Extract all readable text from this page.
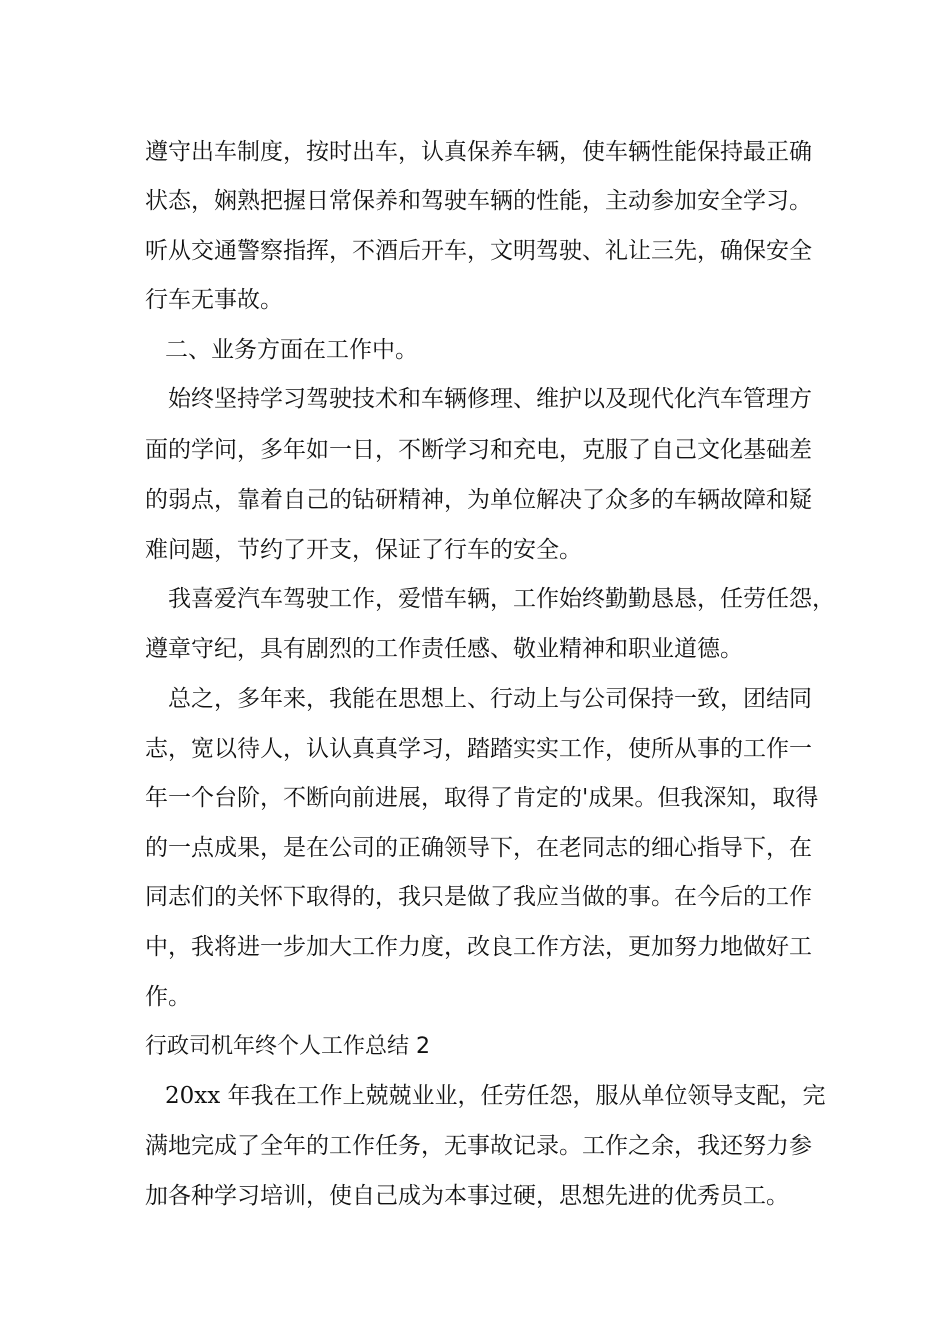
遵守出车制度，按时出车，认真保养车辆，使车辆性能保持最正确
状态，娴熟把握日常保养和驾驶车辆的性能，主动参加安全学习。
听从交通警察指挥，不酒后开车，文明驾驶、礼让三先，确保安全
行车无事故。
二、业务方面在工作中。
始终坚持学习驾驶技术和车辆修理、维护以及现代化汽车管理方
面的学问，多年如一日，不断学习和充电，克服了自己文化基础差
的弱点，靠着自己的钻研精神，为单位解决了众多的车辆故障和疑
难问题，节约了开支，保证了行车的安全。
我喜爱汽车驾驶工作，爱惜车辆，工作始终勤勤恳恳，任劳任怨，
遵章守纪，具有剧烈的工作责任感、敬业精神和职业道德。
总之，多年来，我能在思想上、行动上与公司保持一致，团结同
志，宽以待人，认认真真学习，踏踏实实工作，使所从事的工作一
年一个台阶，不断向前进展，取得了肯定的'成果。但我深知，取得
的一点成果，是在公司的正确领导下，在老同志的细心指导下，在
同志们的关怀下取得的，我只是做了我应当做的事。在今后的工作
中，我将进一步加大工作力度，改良工作方法，更加努力地做好工
作。
行政司机年终个人工作总结 2
20xx 年我在工作上兢兢业业，任劳任怨，服从单位领导支配，完
满地完成了全年的工作任务，无事故记录。工作之余，我还努力参
加各种学习培训，使自己成为本事过硬，思想先进的优秀员工。
